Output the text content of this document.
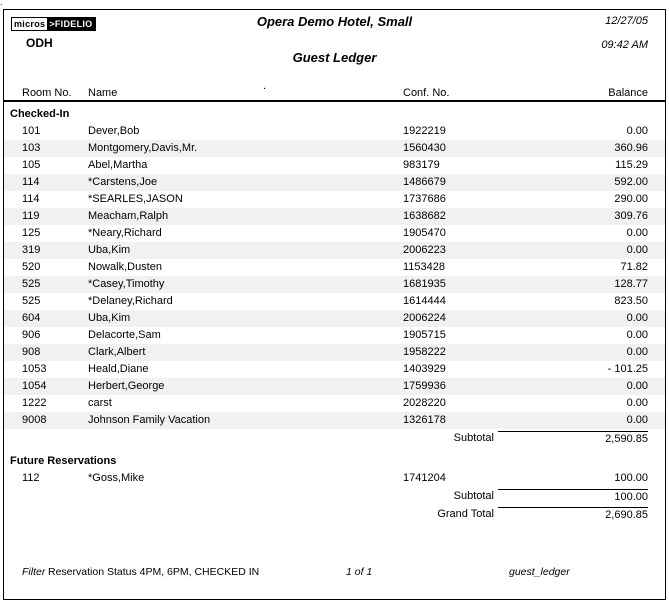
.
micros >FIDELIO
ODH
Opera Demo Hotel, Small
Guest Ledger
12/27/05
09:42 AM
.
Room No.	Name	Conf. No.	Balance
Checked-In
101	Dever,Bob	1922219	0.00
103	Montgomery,Davis,Mr.	1560430	360.96
105	Abel,Martha	983179	115.29
114	*Carstens,Joe	1486679	592.00
114	*SEARLES,JASON	1737686	290.00
119	Meacham,Ralph	1638682	309.76
125	*Neary,Richard	1905470	0.00
319	Uba,Kim	2006223	0.00
520	Nowalk,Dusten	1153428	71.82
525	*Casey,Timothy	1681935	128.77
525	*Delaney,Richard	1614444	823.50
604	Uba,Kim	2006224	0.00
906	Delacorte,Sam	1905715	0.00
908	Clark,Albert	1958222	0.00
1053	Heald,Diane	1403929	- 101.25
1054	Herbert,George	1759936	0.00
1222	carst	2028220	0.00
9008	Johnson Family Vacation	1326178	0.00
Subtotal	2,590.85
Future Reservations
112	*Goss,Mike	1741204	100.00
Subtotal	100.00
Grand Total	2,690.85
Filter Reservation Status 4PM, 6PM, CHECKED IN	1 of 1	guest_ledger
